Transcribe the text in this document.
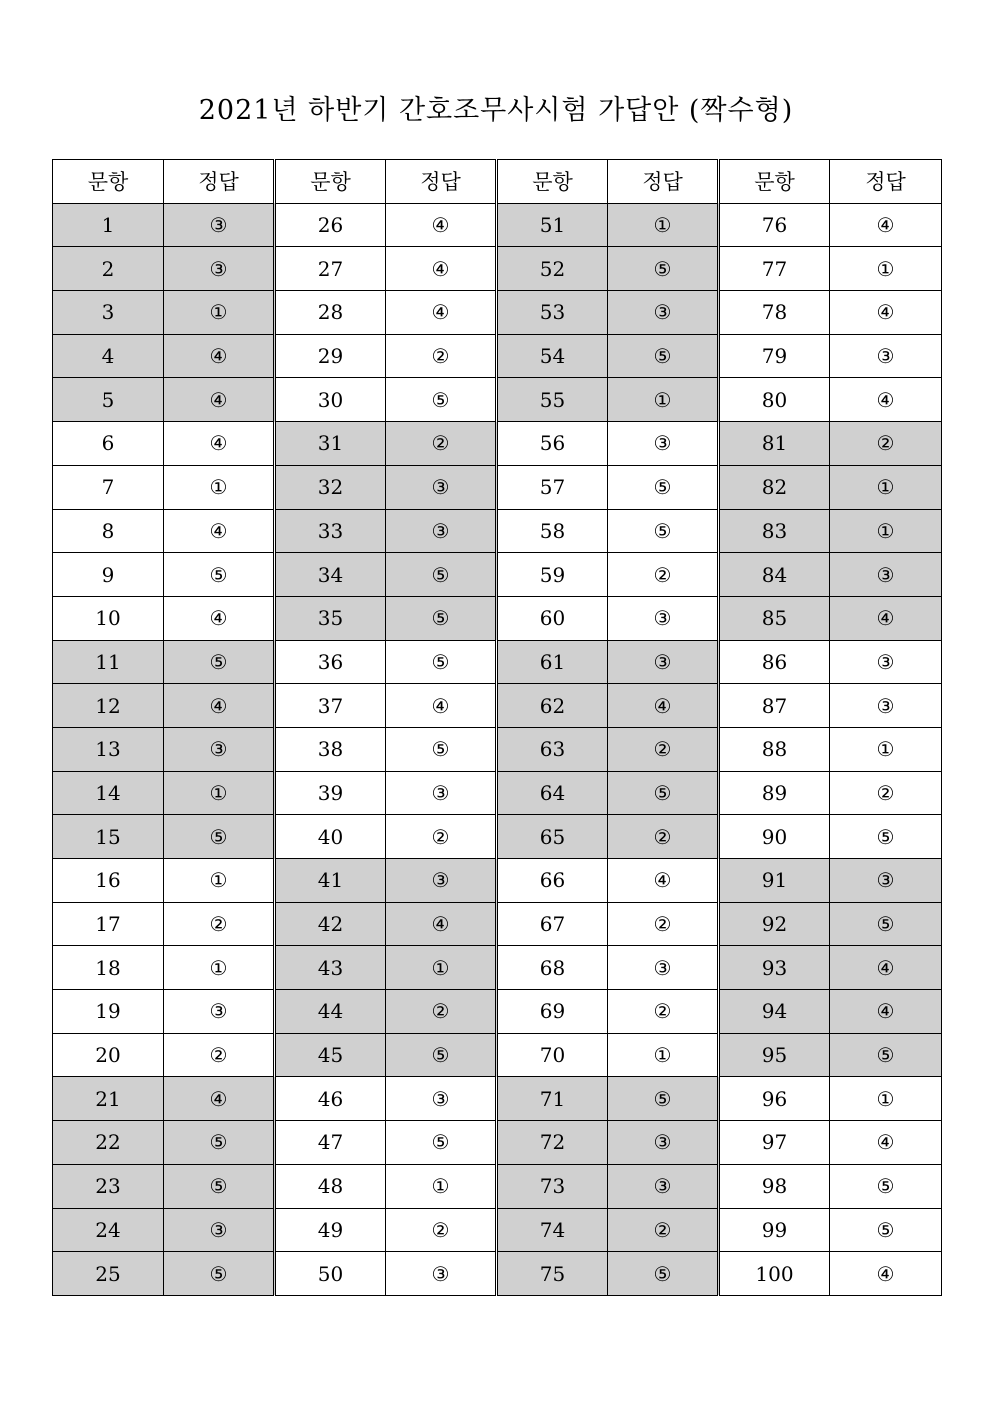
2021년 하반기 간호조무사시험 가답안 (짝수형)
문항	정답	문항	정답	문항	정답	문항	정답
1	③	26	④	51	①	76	④
2	③	27	④	52	⑤	77	①
3	①	28	④	53	③	78	④
4	④	29	②	54	⑤	79	③
5	④	30	⑤	55	①	80	④
6	④	31	②	56	③	81	②
7	①	32	③	57	⑤	82	①
8	④	33	③	58	⑤	83	①
9	⑤	34	⑤	59	②	84	③
10	④	35	⑤	60	③	85	④
11	⑤	36	⑤	61	③	86	③
12	④	37	④	62	④	87	③
13	③	38	⑤	63	②	88	①
14	①	39	③	64	⑤	89	②
15	⑤	40	②	65	②	90	⑤
16	①	41	③	66	④	91	③
17	②	42	④	67	②	92	⑤
18	①	43	①	68	③	93	④
19	③	44	②	69	②	94	④
20	②	45	⑤	70	①	95	⑤
21	④	46	③	71	⑤	96	①
22	⑤	47	⑤	72	③	97	④
23	⑤	48	①	73	③	98	⑤
24	③	49	②	74	②	99	⑤
25	⑤	50	③	75	⑤	100	④
